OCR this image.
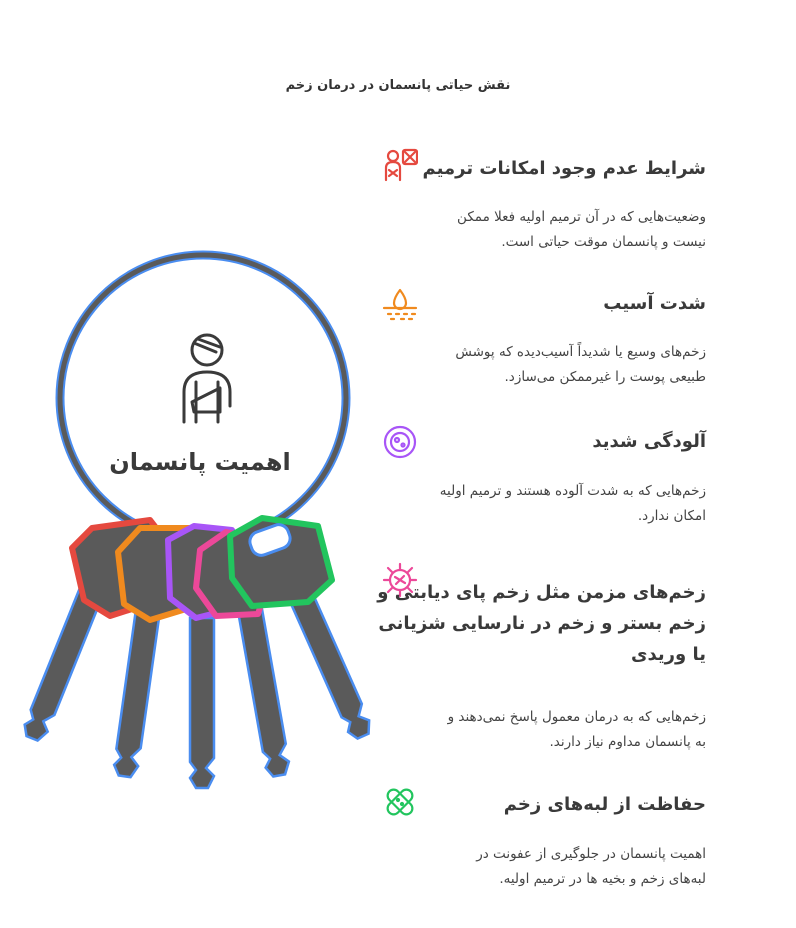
نقش حیاتی پانسمان در درمان زخم
اهمیت پانسمان
شرایط عدم وجود امکانات ترمیم
وضعیت‌هایی که در آن ترمیم اولیه فعلا ممکن
نیست و پانسمان موقت حیاتی است.
شدت آسیب
زخم‌های وسیع یا شدیداً آسیب‌دیده که پوشش
طبیعی پوست را غیرممکن می‌سازد.
آلودگی شدید
زخم‌هایی که به شدت آلوده هستند و ترمیم اولیه
امکان ندارد.
زخم‌های مزمن مثل زخم پای دیابتی و
زخم بستر و زخم در نارسایی شزیانی
یا وریدی
زخم‌هایی که به درمان معمول پاسخ نمی‌دهند و
به پانسمان مداوم نیاز دارند.
حفاظت از لبه‌های زخم
اهمیت پانسمان در جلوگیری از عفونت در
لبه‌های زخم و بخیه ها در ترمیم اولیه.
